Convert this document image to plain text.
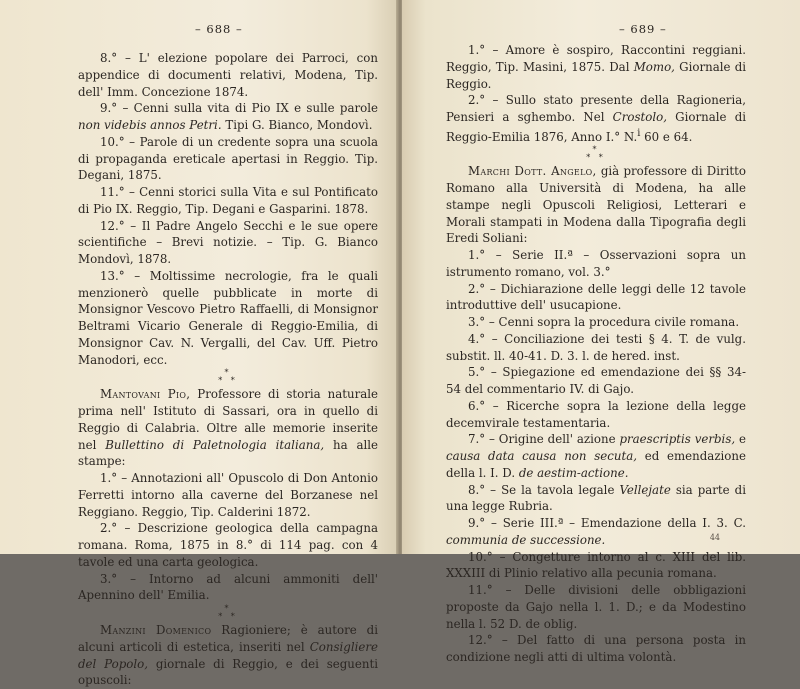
– 688 –

8.° – L' elezione popolare dei Parroci, con appendice di documenti relativi, Modena, Tip. dell' Imm. Concezione 1874.

9.° – Cenni sulla vita di Pio IX e sulle parole non videbis annos Petri. Tipi G. Bianco, Mondovì.

10.° – Parole di un credente sopra una scuola di propaganda ereticale apertasi in Reggio. Tip. Degani, 1875.

11.° – Cenni storici sulla Vita e sul Pontificato di Pio IX. Reggio, Tip. Degani e Gasparini. 1878.

12.° – Il Padre Angelo Secchi e le sue opere scientifiche – Brevi notizie. – Tip. G. Bianco Mondovì, 1878.

13.° – Moltissime necrologie, fra le quali menzionerò quelle pubblicate in morte di Monsignor Vescovo Pietro Raffaelli, di Monsignor Beltrami Vicario Generale di Reggio-Emilia, di Monsignor Cav. N. Vergalli, del Cav. Uff. Pietro Manodori, ecc.

*
* *

Mantovani Pio, Professore di storia naturale prima nell' Istituto di Sassari, ora in quello di Reggio di Calabria. Oltre alle memorie inserite nel Bullettino di Paletnologia italiana, ha alle stampe:

1.° – Annotazioni all' Opuscolo di Don Antonio Ferretti intorno alla caverne del Borzanese nel Reggiano. Reggio, Tip. Calderini 1872.

2.° – Descrizione geologica della campagna romana. Roma, 1875 in 8.° di 114 pag. con 4 tavole ed una carta geologica.

3.° – Intorno ad alcuni ammoniti dell' Apennino dell' Emilia.

*
* *

Manzini Domenico Ragioniere; è autore di alcuni articoli di estetica, inseriti nel Consigliere del Popolo, giornale di Reggio, e dei seguenti opuscoli:

– 689 –

1.° – Amore è sospiro, Raccontini reggiani. Reggio, Tip. Masini, 1875. Dal Momo, Giornale di Reggio.

2.° – Sullo stato presente della Ragioneria, Pensieri a sghembo. Nel Crostolo, Giornale di Reggio-Emilia 1876, Anno I.° N.$^i$ 60 e 64.

*
* *

Marchi Dott. Angelo, già professore di Diritto Romano alla Università di Modena, ha alle stampe negli Opuscoli Religiosi, Letterari e Morali stampati in Modena dalla Tipografia degli Eredi Soliani:

1.° – Serie II.ª – Osservazioni sopra un istrumento romano, vol. 3.°

2.° – Dichiarazione delle leggi delle 12 tavole introduttive dell' usucapione.

3.° – Cenni sopra la procedura civile romana.

4.° – Conciliazione dei testi § 4. T. de vulg. substit. ll. 40-41. D. 3. l. de hered. inst.

5.° – Spiegazione ed emendazione dei §§ 34-54 del commentario IV. di Gajo.

6.° – Ricerche sopra la lezione della legge decemvirale testamentaria.

7.° – Origine dell' azione praescriptis verbis, e causa data causa non secuta, ed emendazione della l. I. D. de aestim-actione.

8.° – Se la tavola legale Vellejate sia parte di una legge Rubria.

9.° – Serie III.ª – Emendazione della I. 3. C. communia de successione.

10.° – Congetture intorno al c. XIII del lib. XXXIII di Plinio relativo alla pecunia romana.

11.° – Delle divisioni delle obbligazioni proposte da Gajo nella l. 1. D.; e da Modestino nella l. 52 D. de oblig.

12.° – Del fatto di una persona posta in condizione negli atti di ultima volontà.

44
